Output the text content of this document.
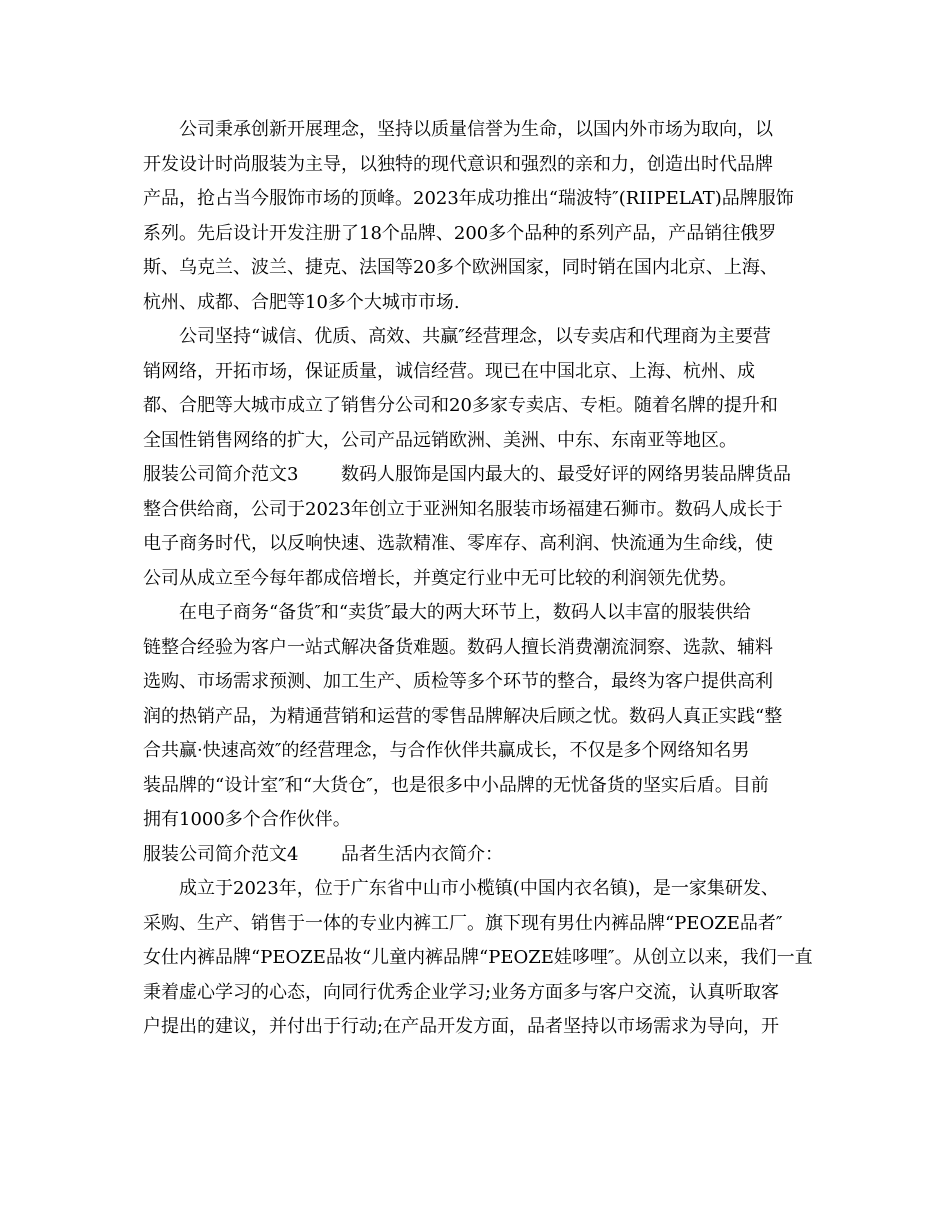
公司秉承创新开展理念，坚持以质量信誉为生命，以国内外市场为取向，以
开发设计时尚服装为主导，以独特的现代意识和强烈的亲和力，创造出时代品牌
产品，抢占当今服饰市场的顶峰。2023年成功推出“瑞波特″(RIIPELAT)品牌服饰
系列。先后设计开发注册了18个品牌、200多个品种的系列产品，产品销往俄罗
斯、乌克兰、波兰、捷克、法国等20多个欧洲国家，同时销在国内北京、上海、
杭州、成都、合肥等10多个大城市市场.
公司坚持“诚信、优质、高效、共赢″经营理念，以专卖店和代理商为主要营
销网络，开拓市场，保证质量，诚信经营。现已在中国北京、上海、杭州、成
都、合肥等大城市成立了销售分公司和20多家专卖店、专柜。随着名牌的提升和
全国性销售网络的扩大，公司产品远销欧洲、美洲、中东、东南亚等地区。
服装公司简介范文3 数码人服饰是国内最大的、最受好评的网络男装品牌货品
整合供给商，公司于2023年创立于亚洲知名服装市场福建石狮市。数码人成长于
电子商务时代，以反响快速、选款精准、零库存、高利润、快流通为生命线，使
公司从成立至今每年都成倍增长，并奠定行业中无可比较的利润领先优势。
在电子商务“备货″和“卖货″最大的两大环节上，数码人以丰富的服装供给
链整合经验为客户一站式解决备货难题。数码人擅长消费潮流洞察、选款、辅料
选购、市场需求预测、加工生产、质检等多个环节的整合，最终为客户提供高利
润的热销产品，为精通营销和运营的零售品牌解决后顾之忧。数码人真正实践“整
合共赢·快速高效″的经营理念，与合作伙伴共赢成长，不仅是多个网络知名男
装品牌的“设计室″和“大货仓″，也是很多中小品牌的无忧备货的坚实后盾。目前
拥有1000多个合作伙伴。
服装公司简介范文4 品者生活内衣简介：
成立于2023年，位于广东省中山市小榄镇(中国内衣名镇)，是一家集研发、
采购、生产、销售于一体的专业内裤工厂。旗下现有男仕内裤品牌“PEOZE品者″
女仕内裤品牌“PEOZE品妆“儿童内裤品牌“PEOZE娃哆哩″。从创立以来，我们一直
秉着虚心学习的心态，向同行优秀企业学习;业务方面多与客户交流，认真听取客
户提出的建议，并付出于行动;在产品开发方面，品者坚持以市场需求为导向，开
